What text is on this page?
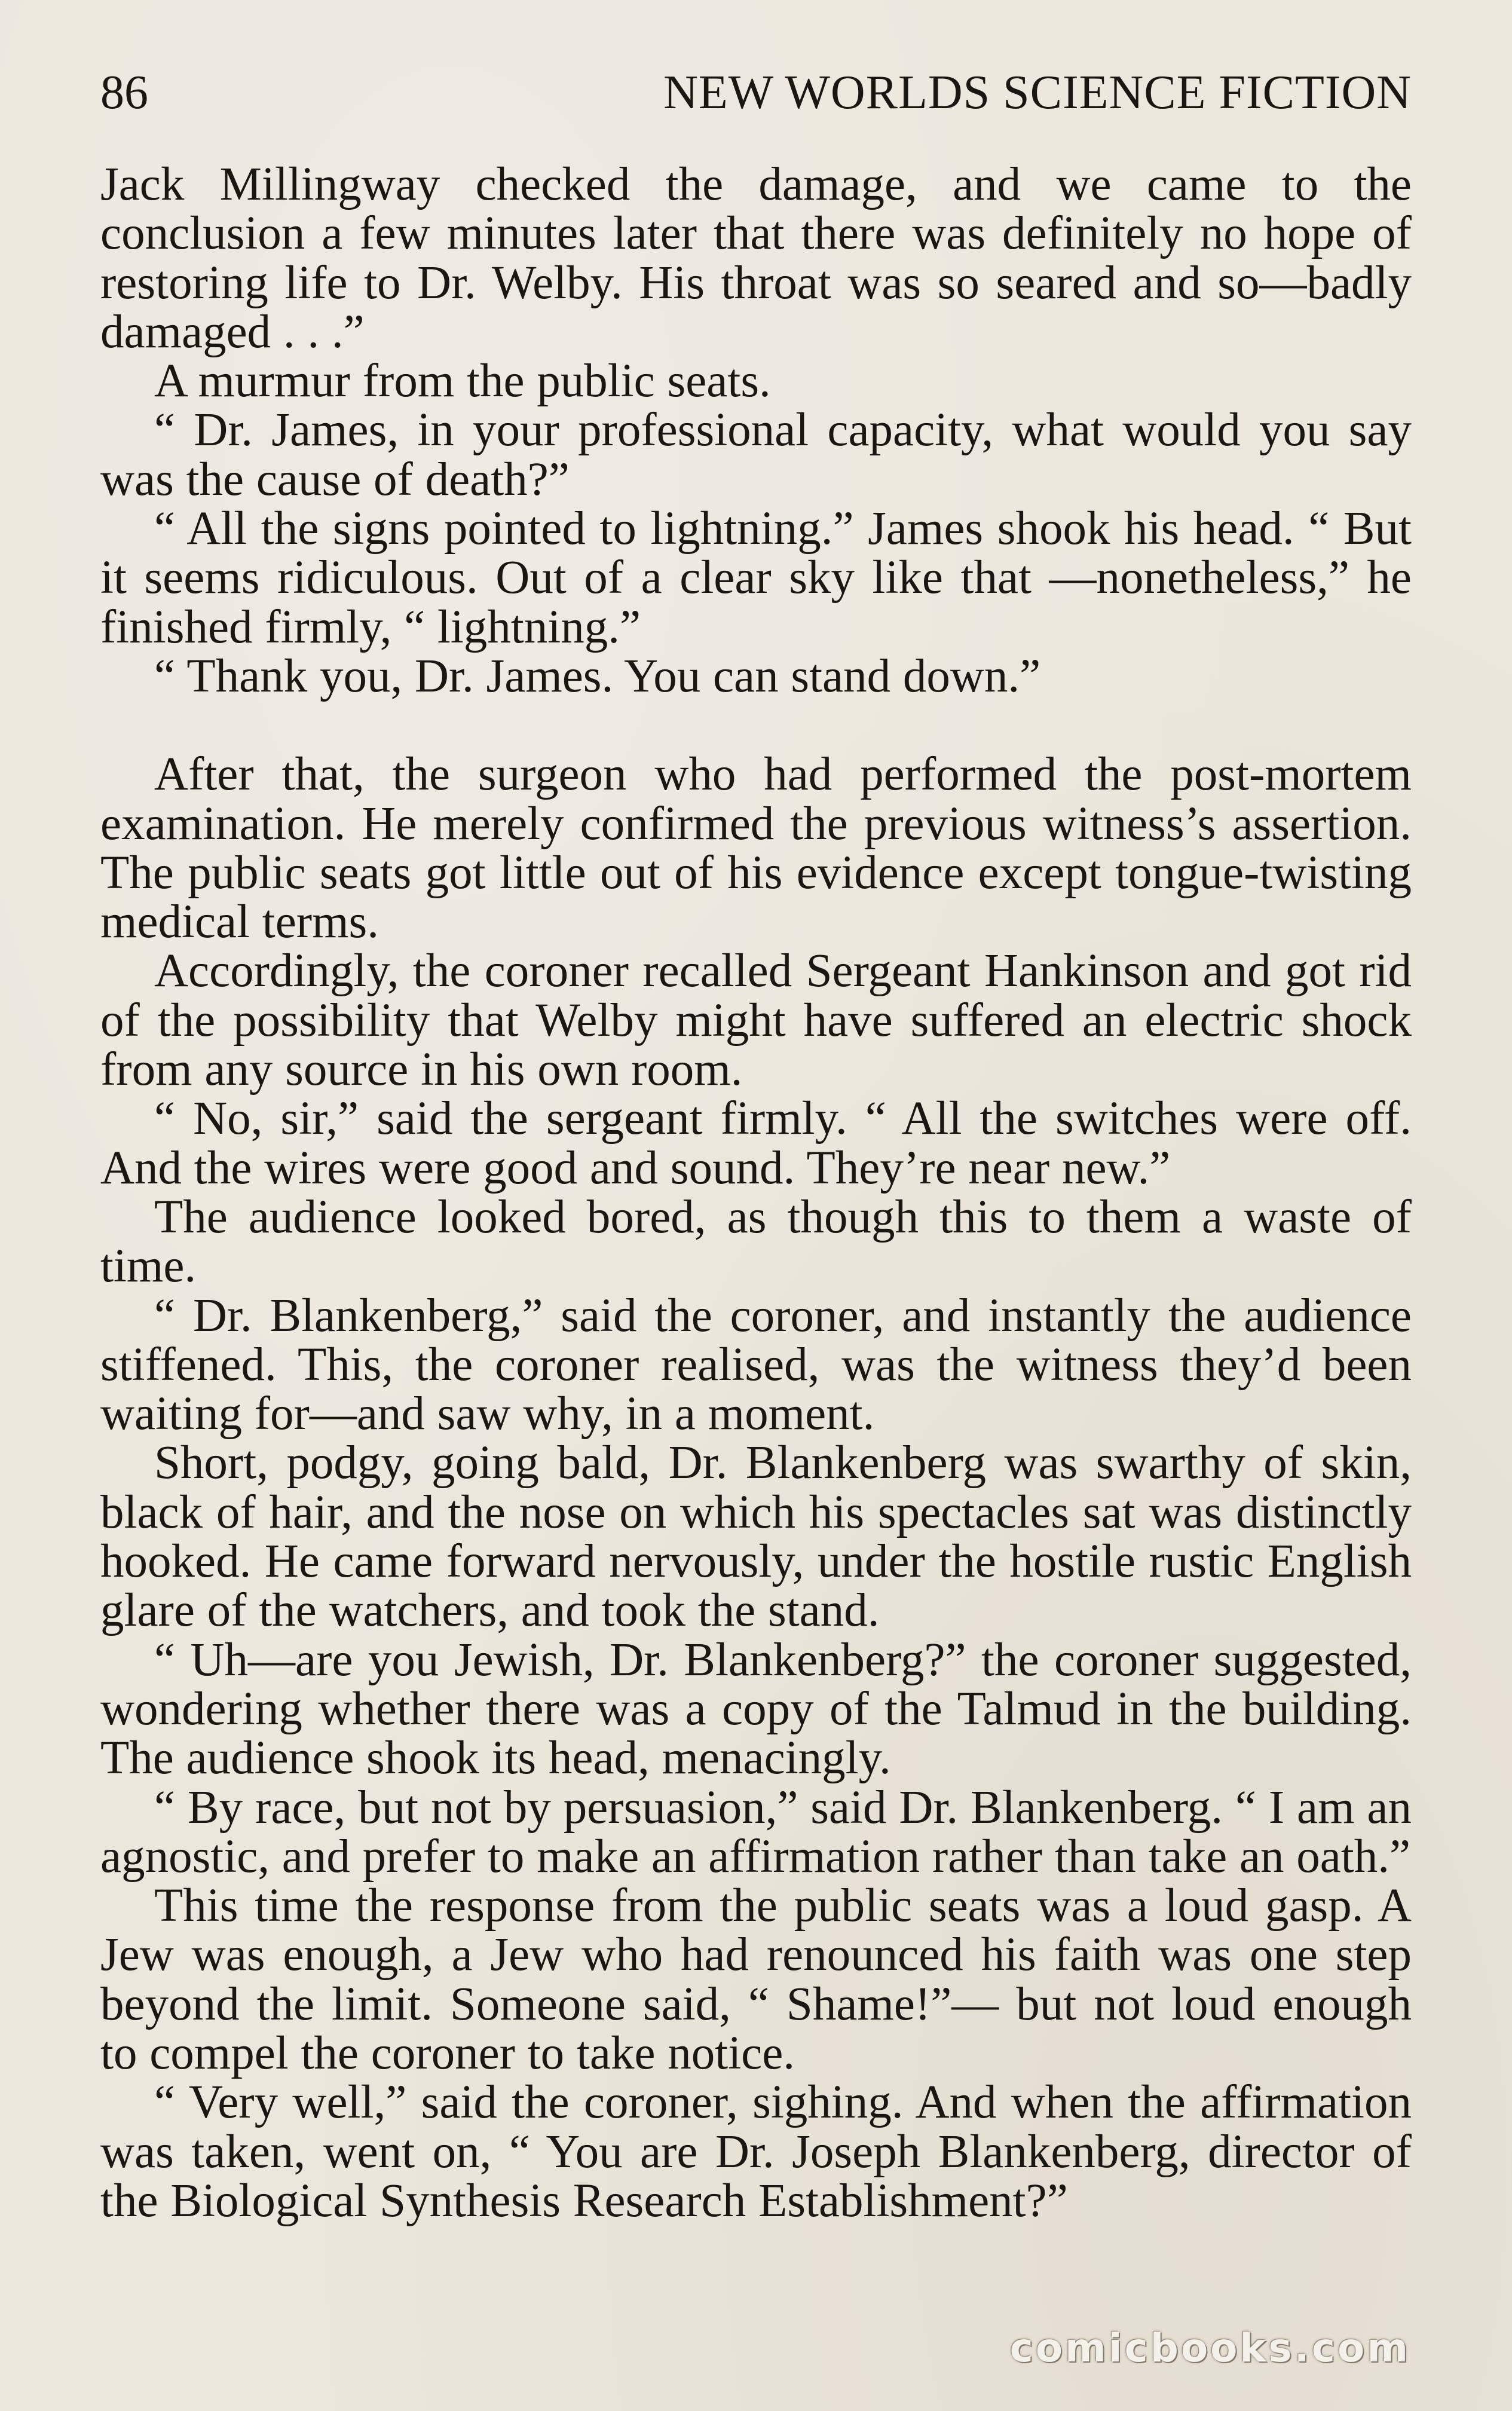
86	NEW WORLDS SCIENCE FICTION

Jack Millingway checked the damage, and we came to the conclusion a few minutes later that there was definitely no hope of restoring life to Dr. Welby. His throat was so seared and so—badly damaged . . .”

A murmur from the public seats.

“ Dr. James, in your professional capacity, what would you say was the cause of death?”

“ All the signs pointed to lightning.” James shook his head. “ But it seems ridiculous. Out of a clear sky like that —nonetheless,” he finished firmly, “ lightning.”

“ Thank you, Dr. James. You can stand down.”

After that, the surgeon who had performed the post-mortem examination. He merely confirmed the previous witness’s assertion. The public seats got little out of his evidence except tongue-twisting medical terms.

Accordingly, the coroner recalled Sergeant Hankinson and got rid of the possibility that Welby might have suffered an electric shock from any source in his own room.

“ No, sir,” said the sergeant firmly. “ All the switches were off. And the wires were good and sound. They’re near new.”

The audience looked bored, as though this to them a waste of time.

“ Dr. Blankenberg,” said the coroner, and instantly the audience stiffened. This, the coroner realised, was the witness they’d been waiting for—and saw why, in a moment.

Short, podgy, going bald, Dr. Blankenberg was swarthy of skin, black of hair, and the nose on which his spectacles sat was distinctly hooked. He came forward nervously, under the hostile rustic English glare of the watchers, and took the stand.

“ Uh—are you Jewish, Dr. Blankenberg?” the coroner suggested, wondering whether there was a copy of the Talmud in the building. The audience shook its head, menacingly.

“ By race, but not by persuasion,” said Dr. Blankenberg. “ I am an agnostic, and prefer to make an affirmation rather than take an oath.”

This time the response from the public seats was a loud gasp. A Jew was enough, a Jew who had renounced his faith was one step beyond the limit. Someone said, “ Shame!”— but not loud enough to compel the coroner to take notice.

“ Very well,” said the coroner, sighing. And when the affirmation was taken, went on, “ You are Dr. Joseph Blankenberg, director of the Biological Synthesis Research Establishment?”

comicbooks.com
